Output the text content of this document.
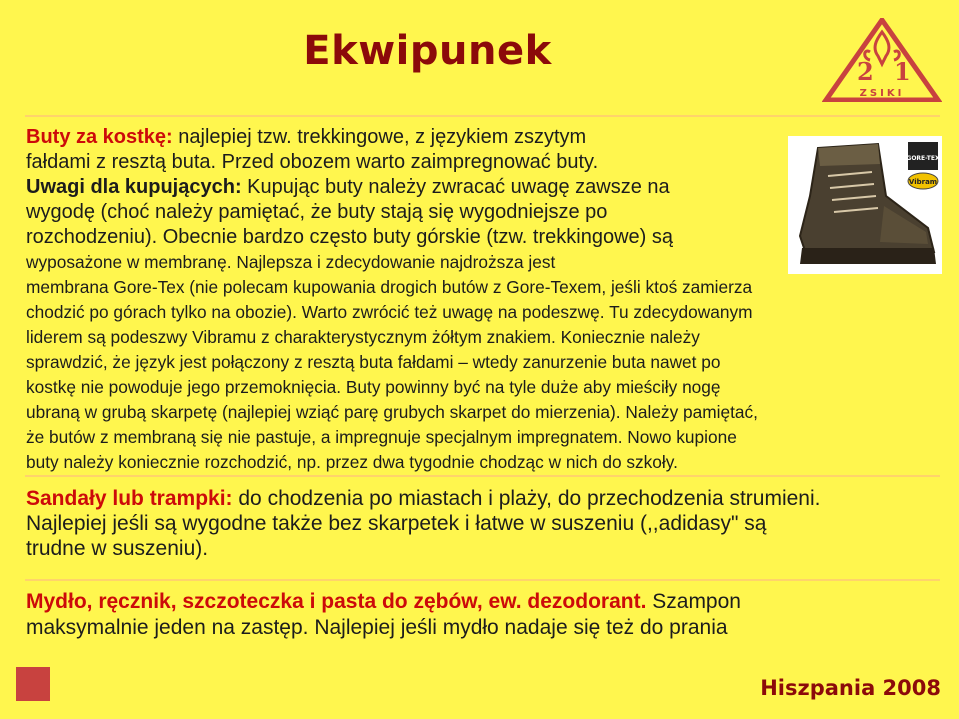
Ekwipunek	2 1
ZSIKI
GORE-TEX
Vibram
Buty za kostkę: najlepiej tzw. trekkingowe, z językiem zszytym
fałdami z resztą buta. Przed obozem warto zaimpregnować buty.
Uwagi dla kupujących: Kupując buty należy zwracać uwagę zawsze na
wygodę (choć należy pamiętać, że buty stają się wygodniejsze po
rozchodzeniu). Obecnie bardzo często buty górskie (tzw. trekkingowe) są
wyposażone w membranę. Najlepsza i zdecydowanie najdroższa jest
membrana Gore-Tex (nie polecam kupowania drogich butów z Gore-Texem, jeśli ktoś zamierza
chodzić po górach tylko na obozie). Warto zwrócić też uwagę na podeszwę. Tu zdecydowanym
liderem są podeszwy Vibramu z charakterystycznym żółtym znakiem. Koniecznie należy
sprawdzić, że język jest połączony z resztą buta fałdami – wtedy zanurzenie buta nawet po
kostkę nie powoduje jego przemoknięcia. Buty powinny być na tyle duże aby mieściły nogę
ubraną w grubą skarpetę (najlepiej wziąć parę grubych skarpet do mierzenia). Należy pamiętać,
że butów z membraną się nie pastuje, a impregnuje specjalnym impregnatem. Nowo kupione
buty należy koniecznie rozchodzić, np. przez dwa tygodnie chodząc w nich do szkoły.
Sandały lub trampki: do chodzenia po miastach i plaży, do przechodzenia strumieni.
Najlepiej jeśli są wygodne także bez skarpetek i łatwe w suszeniu (,,adidasy" są
trudne w suszeniu).
Mydło, ręcznik, szczoteczka i pasta do zębów, ew. dezodorant. Szampon
maksymalnie jeden na zastęp. Najlepiej jeśli mydło nadaje się też do prania
Hiszpania 2008
